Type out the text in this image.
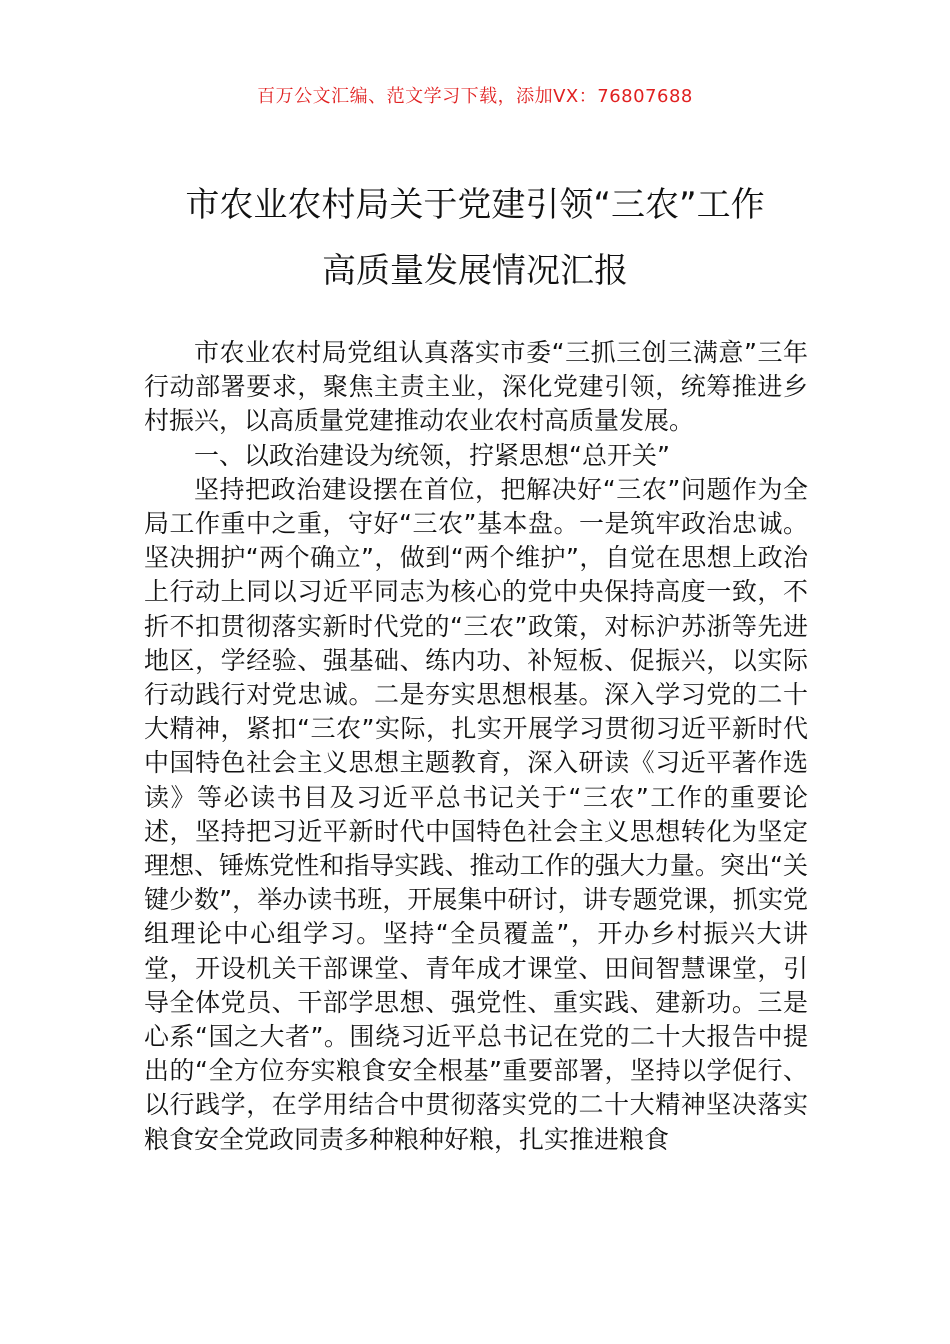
百万公文汇编、范文学习下载，添加VX：76807688
市农业农村局关于党建引领“三农”工作
高质量发展情况汇报

市农业农村局党组认真落实市委“三抓三创三满意”三年行动部署要求，聚焦主责主业，深化党建引领，统筹推进乡村振兴，以高质量党建推动农业农村高质量发展。

一、以政治建设为统领，拧紧思想“总开关”

坚持把政治建设摆在首位，把解决好“三农”问题作为全局工作重中之重，守好“三农”基本盘。一是筑牢政治忠诚。坚决拥护“两个确立”，做到“两个维护”，自觉在思想上政治上行动上同以习近平同志为核心的党中央保持高度一致，不折不扣贯彻落实新时代党的“三农”政策，对标沪苏浙等先进地区，学经验、强基础、练内功、补短板、促振兴，以实际行动践行对党忠诚。二是夯实思想根基。深入学习党的二十大精神，紧扣“三农”实际，扎实开展学习贯彻习近平新时代中国特色社会主义思想主题教育，深入研读《习近平著作选读》等必读书目及习近平总书记关于“三农”工作的重要论述，坚持把习近平新时代中国特色社会主义思想转化为坚定理想、锤炼党性和指导实践、推动工作的强大力量。突出“关键少数”，举办读书班，开展集中研讨，讲专题党课，抓实党组理论中心组学习。坚持“全员覆盖”，开办乡村振兴大讲堂，开设机关干部课堂、青年成才课堂、田间智慧课堂，引导全体党员、干部学思想、强党性、重实践、建新功。三是心系“国之大者”。围绕习近平总书记在党的二十大报告中提出的“全方位夯实粮食安全根基”重要部署，坚持以学促行、以行践学，在学用结合中贯彻落实党的二十大精神坚决落实粮食安全党政同责多种粮种好粮，扎实推进粮食
